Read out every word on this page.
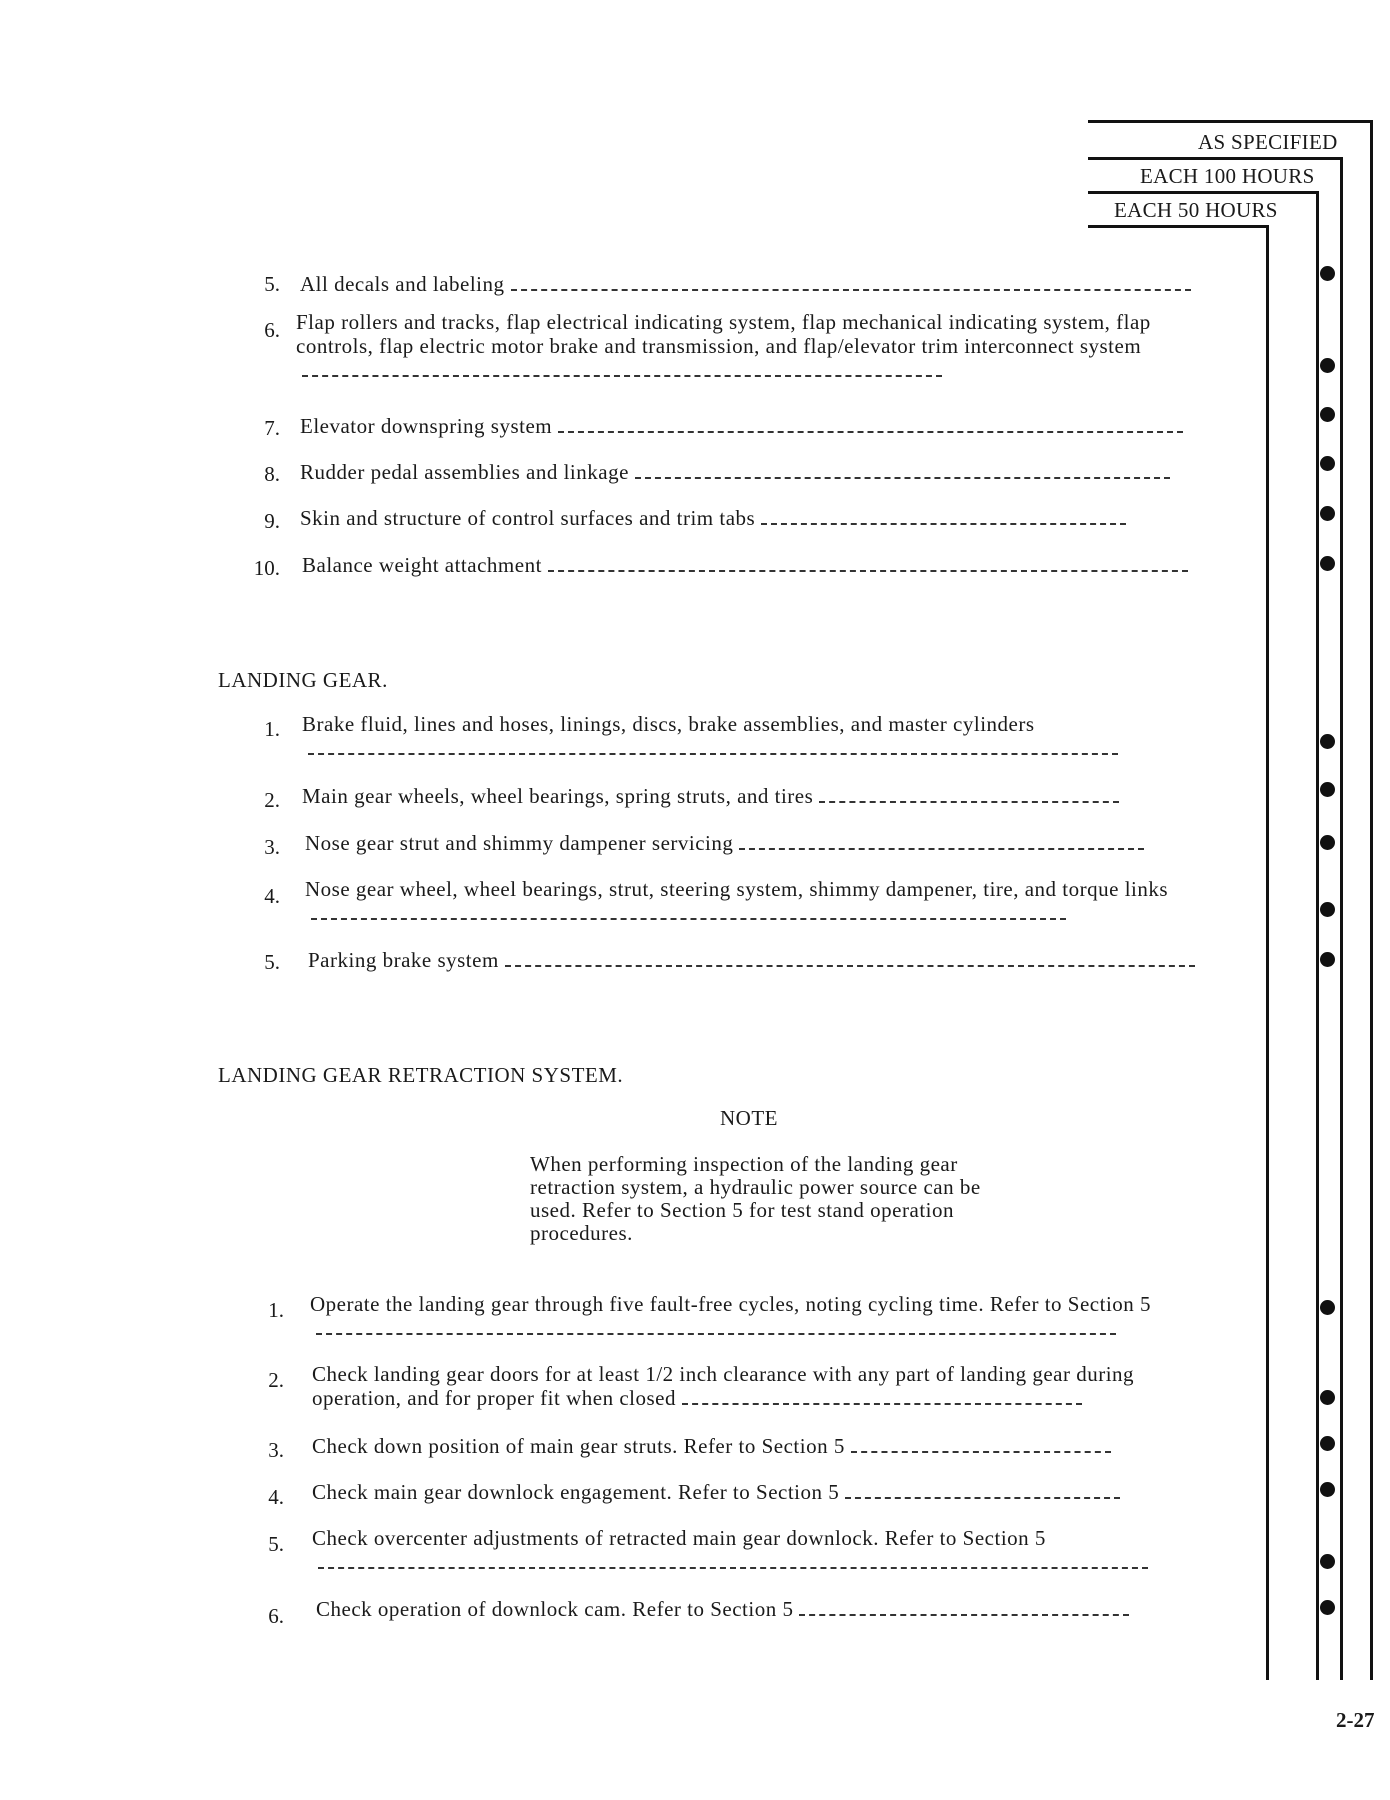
AS SPECIFIED
EACH 100 HOURS
EACH 50 HOURS
5. All decals and labeling
6. Flap rollers and tracks, flap electrical indicating system, flap mechanical indicating system, flap controls, flap electric motor brake and transmission, and flap/elevator trim interconnect system
7. Elevator downspring system
8. Rudder pedal assemblies and linkage
9. Skin and structure of control surfaces and trim tabs
10. Balance weight attachment
LANDING GEAR.
1. Brake fluid, lines and hoses, linings, discs, brake assemblies, and master cylinders
2. Main gear wheels, wheel bearings, spring struts, and tires
3. Nose gear strut and shimmy dampener servicing
4. Nose gear wheel, wheel bearings, strut, steering system, shimmy dampener, tire, and torque links
5. Parking brake system
LANDING GEAR RETRACTION SYSTEM.
NOTE
When performing inspection of the landing gear retraction system, a hydraulic power source can be used. Refer to Section 5 for test stand operation procedures.
1. Operate the landing gear through five fault-free cycles, noting cycling time. Refer to Section 5
2. Check landing gear doors for at least 1/2 inch clearance with any part of landing gear during operation, and for proper fit when closed
3. Check down position of main gear struts. Refer to Section 5
4. Check main gear downlock engagement. Refer to Section 5
5. Check overcenter adjustments of retracted main gear downlock. Refer to Section 5
6. Check operation of downlock cam. Refer to Section 5
2-27
